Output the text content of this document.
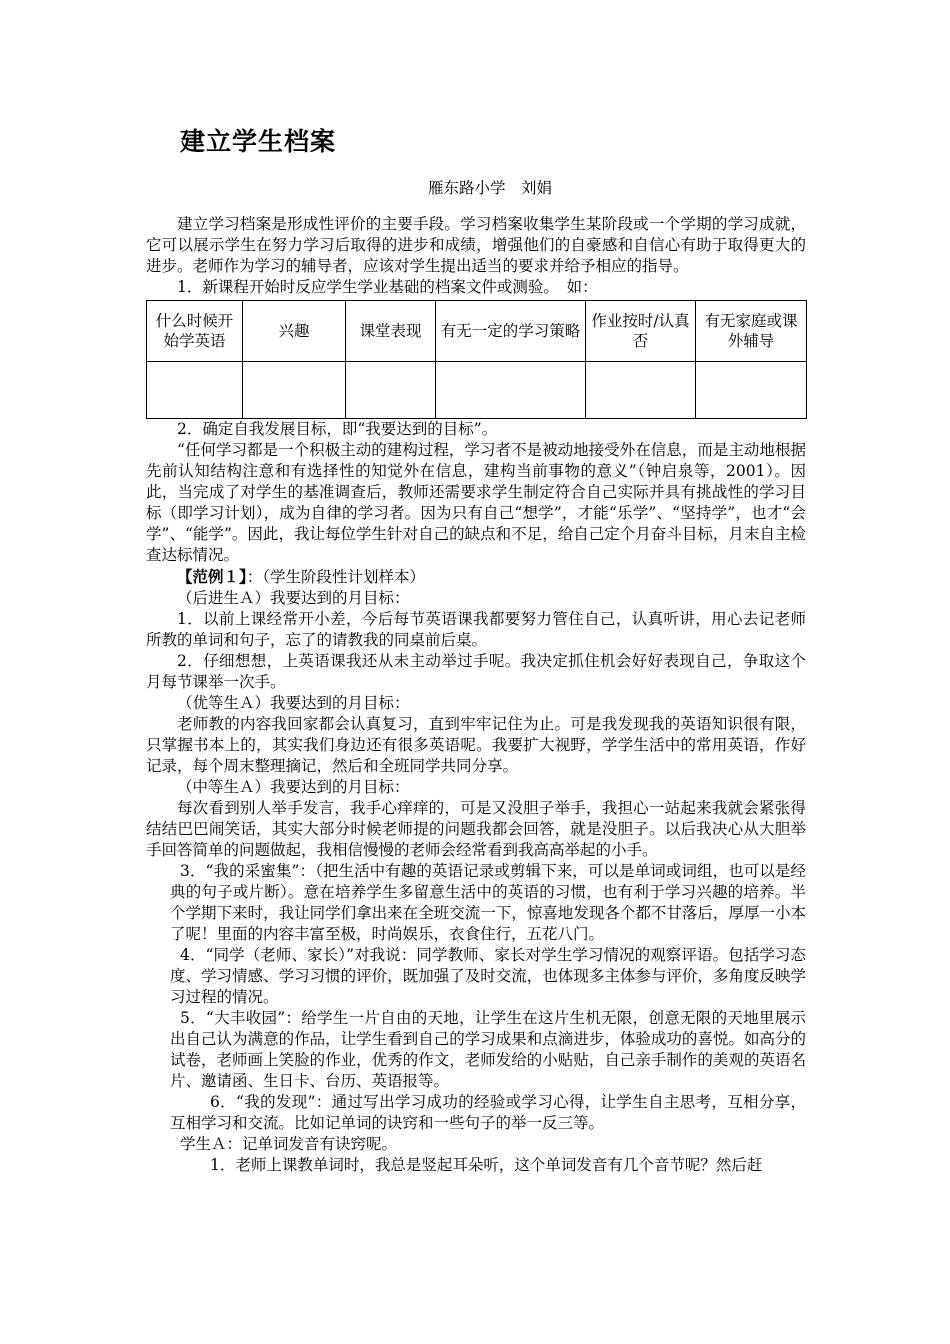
建立学生档案
雁东路小学　刘娟

建立学习档案是形成性评价的主要手段。学习档案收集学生某阶段或一个学期的学习成就，它可以展示学生在努力学习后取得的进步和成绩，增强他们的自豪感和自信心有助于取得更大的进步。老师作为学习的辅导者，应该对学生提出适当的要求并给予相应的指导。

1．新课程开始时反应学生学业基础的档案文件或测验。　如：

什么时候开始学英语	兴趣	课堂表现	有无一定的学习策略	作业按时/认真否	有无家庭或课外辅导

2．确定自我发展目标，即“我要达到的目标”。

“任何学习都是一个积极主动的建构过程，学习者不是被动地接受外在信息，而是主动地根据先前认知结构注意和有选择性的知觉外在信息，建构当前事物的意义”（钟启泉等，2001）。因此，当完成了对学生的基准调查后，教师还需要求学生制定符合自己实际并具有挑战性的学习目标（即学习计划），成为自律的学习者。因为只有自己“想学”，才能“乐学”、“坚持学”，也才“会学”、“能学”。因此，我让每位学生针对自己的缺点和不足，给自己定个月奋斗目标，月末自主检查达标情况。

【范例１】：（学生阶段性计划样本）

（后进生Ａ）我要达到的月目标：

1．以前上课经常开小差，今后每节英语课我都要努力管住自己，认真听讲，用心去记老师所教的单词和句子，忘了的请教我的同桌前后桌。

2．仔细想想，上英语课我还从未主动举过手呢。我决定抓住机会好好表现自己，争取这个月每节课举一次手。

（优等生Ａ）我要达到的月目标：

老师教的内容我回家都会认真复习，直到牢牢记住为止。可是我发现我的英语知识很有限，只掌握书本上的，其实我们身边还有很多英语呢。我要扩大视野，学学生活中的常用英语，作好记录，每个周末整理摘记，然后和全班同学共同分享。

（中等生Ａ）我要达到的月目标：

每次看到别人举手发言，我手心痒痒的，可是又没胆子举手，我担心一站起来我就会紧张得结结巴巴闹笑话，其实大部分时候老师提的问题我都会回答，就是没胆子。以后我决心从大胆举手回答简单的问题做起，我相信慢慢的老师会经常看到我高高举起的小手。

3．“我的采蜜集”：（把生活中有趣的英语记录或剪辑下来，可以是单词或词组，也可以是经典的句子或片断）。意在培养学生多留意生活中的英语的习惯，也有利于学习兴趣的培养。半个学期下来时，我让同学们拿出来在全班交流一下，惊喜地发现各个都不甘落后，厚厚一小本了呢！里面的内容丰富至极，时尚娱乐，衣食住行，五花八门。

4．“同学（老师、家长）”对我说：同学教师、家长对学生学习情况的观察评语。包括学习态度、学习情感、学习习惯的评价，既加强了及时交流，也体现多主体参与评价，多角度反映学习过程的情况。

5．“大丰收园”：给学生一片自由的天地，让学生在这片生机无限，创意无限的天地里展示出自己认为满意的作品，让学生看到自己的学习成果和点滴进步，体验成功的喜悦。如高分的试卷，老师画上笑脸的作业，优秀的作文，老师发给的小贴贴，自己亲手制作的美观的英语名片、邀请函、生日卡、台历、英语报等。

6．“我的发现”：通过写出学习成功的经验或学习心得，让学生自主思考，互相分享，互相学习和交流。比如记单词的诀窍和一些句子的举一反三等。

学生Ａ：记单词发音有诀窍呢。

1．老师上课教单词时，我总是竖起耳朵听，这个单词发音有几个音节呢？然后赶
